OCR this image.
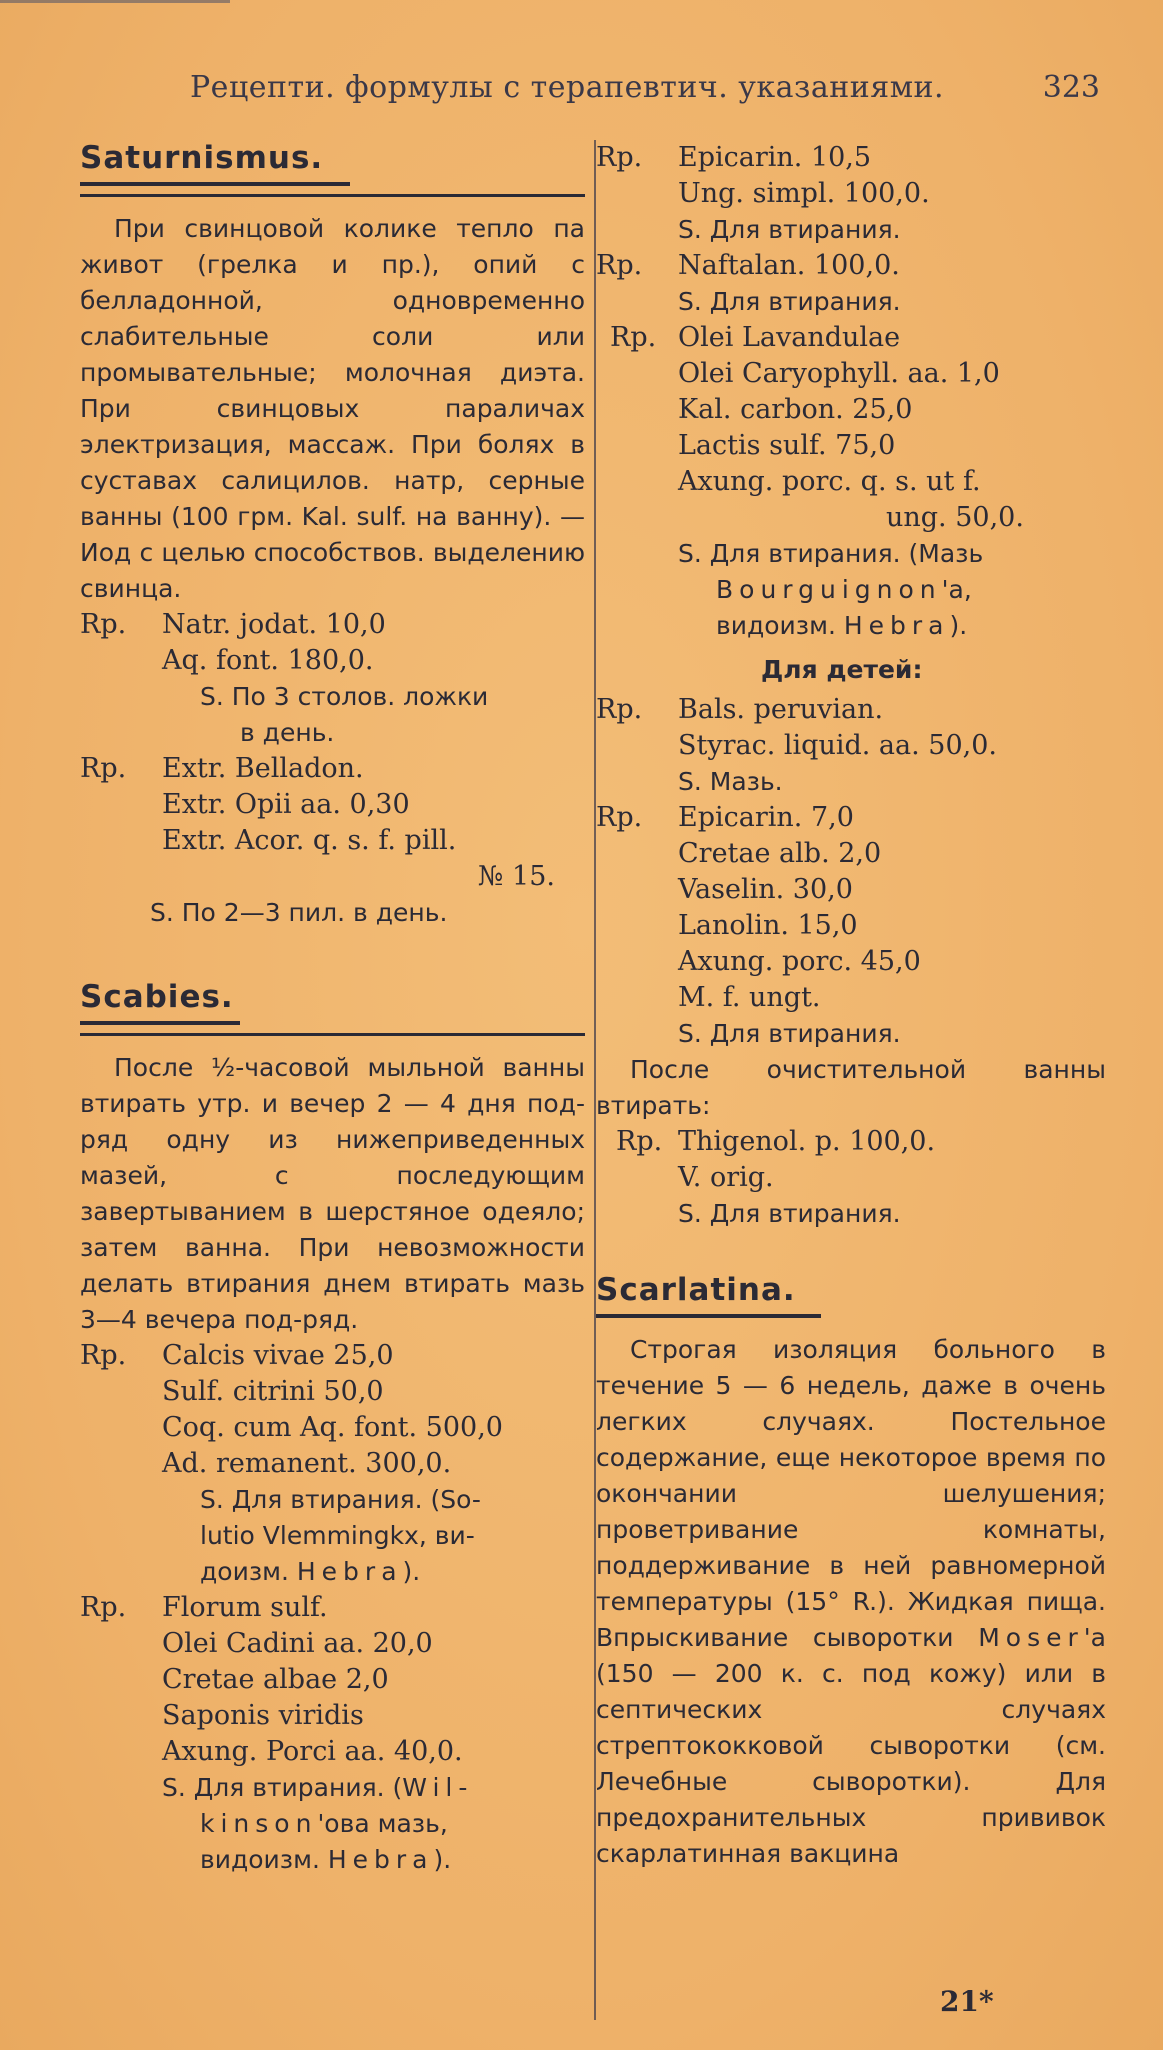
Рецепти. формулы с терапевтич. указаниями.	323
Saturnismus.
При свинцовой колике тепло па живот (грелка и пр.), опий с белладонной, одновременно слабительные соли или промывательные; молочная диэта. При свинцовых параличах электризация, массаж. При болях в суставах салицилов. натр, серные ванны (100 грм. Kal. sulf. на ванну). — Иод с целью способствов. выделению свинца.
Rp.	Natr. jodat. 10,0
Aq. font. 180,0.
S. По 3 столов. ложки
в день.
Rp.	Extr. Belladon.
Extr. Opii aa. 0,30
Extr. Acor. q. s. f. pill.
№ 15.
S. По 2—3 пил. в день.
Scabies.
После ½-часовой мыльной ванны втирать утр. и вечер 2 — 4 дня под-ряд одну из нижеприведенных мазей, с последующим завертыванием в шерстяное одеяло; затем ванна. При невозможности делать втирания днем втирать мазь 3—4 вечера под-ряд.
Rp.	Calcis vivae 25,0
Sulf. citrini 50,0
Coq. cum Aq. font. 500,0
Ad. remanent. 300,0.
S. Для втирания. (So-
lutio Vlemmingkx, ви-
доизм. Hebra).
Rp.	Florum sulf.
Olei Cadini aa. 20,0
Cretae albae 2,0
Saponis viridis
Axung. Porci aa. 40,0.
S. Для втирания. (Wil-
kinson'ова мазь,
видоизм. Hebra).
Rp.	Epicarin. 10,5
Ung. simpl. 100,0.
S. Для втирания.
Rp.	Naftalan. 100,0.
S. Для втирания.
Rp. Olei Lavandulae
Olei Caryophyll. aa. 1,0
Kal. carbon. 25,0
Lactis sulf. 75,0
Axung. porc. q. s. ut f.
ung. 50,0.
S. Для втирания. (Мазь
Bourguignon'a,
видоизм. Hebra).
Для детей:
Rp.	Bals. peruvian.
Styrac. liquid. aa. 50,0.
S. Мазь.
Rp.	Epicarin. 7,0
Cretae alb. 2,0
Vaselin. 30,0
Lanolin. 15,0
Axung. porc. 45,0
M. f. ungt.
S. Для втирания.
После очистительной ванны втирать:
Rp. Thigenol. p. 100,0.
V. orig.
S. Для втирания.
Scarlatina.
Строгая изоляция больного в течение 5 — 6 недель, даже в очень легких случаях. Постельное содержание, еще некоторое время по окончании шелушения; проветривание комнаты, поддерживание в ней равномерной температуры (15° R.). Жидкая пища. Впрыскивание сыворотки Moser'a (150 — 200 к. с. под кожу) или в септических случаях стрептококковой сыворотки (см. Лечебные сыворотки). Для предохранительных прививок скарлатинная вакцина
21*
